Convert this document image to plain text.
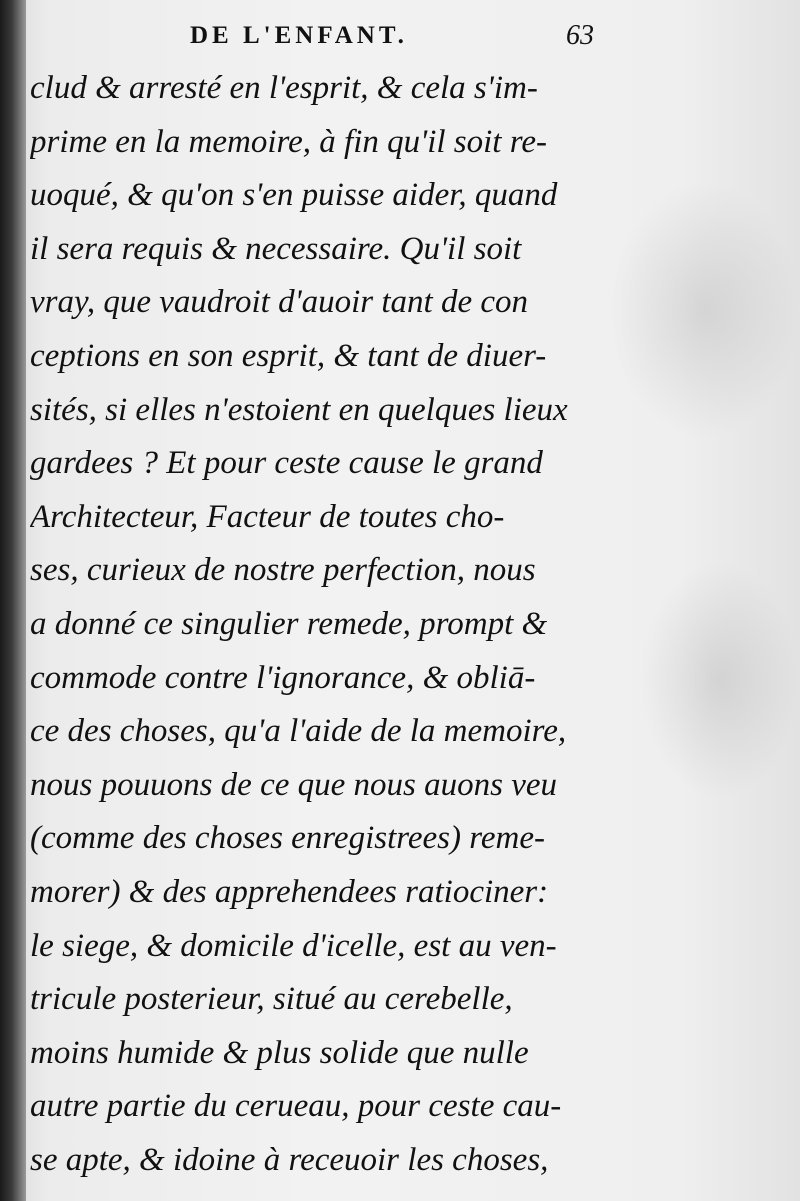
DE L'ENFANT.	63
clud & arresté en l'esprit, & cela s'im-
prime en la memoire, à fin qu'il soit re-
uoqué, & qu'on s'en puisse aider, quand
il sera requis & necessaire. Qu'il soit
vray, que vaudroit d'auoir tant de con
ceptions en son esprit, & tant de diuer-
sités, si elles n'estoient en quelques lieux
gardees ? Et pour ceste cause le grand
Architecteur, Facteur de toutes cho-
ses, curieux de nostre perfection, nous
a donné ce singulier remede, prompt &
commode contre l'ignorance, & obliā-
ce des choses, qu'a l'aide de la memoire,
nous pouuons de ce que nous auons veu
(comme des choses enregistrees) reme-
morer) & des apprehendees ratiociner:
le siege, & domicile d'icelle, est au ven-
tricule posterieur, situé au cerebelle,
moins humide & plus solide que nulle
autre partie du cerueau, pour ceste cau-
se apte, & idoine à receuoir les choses,
